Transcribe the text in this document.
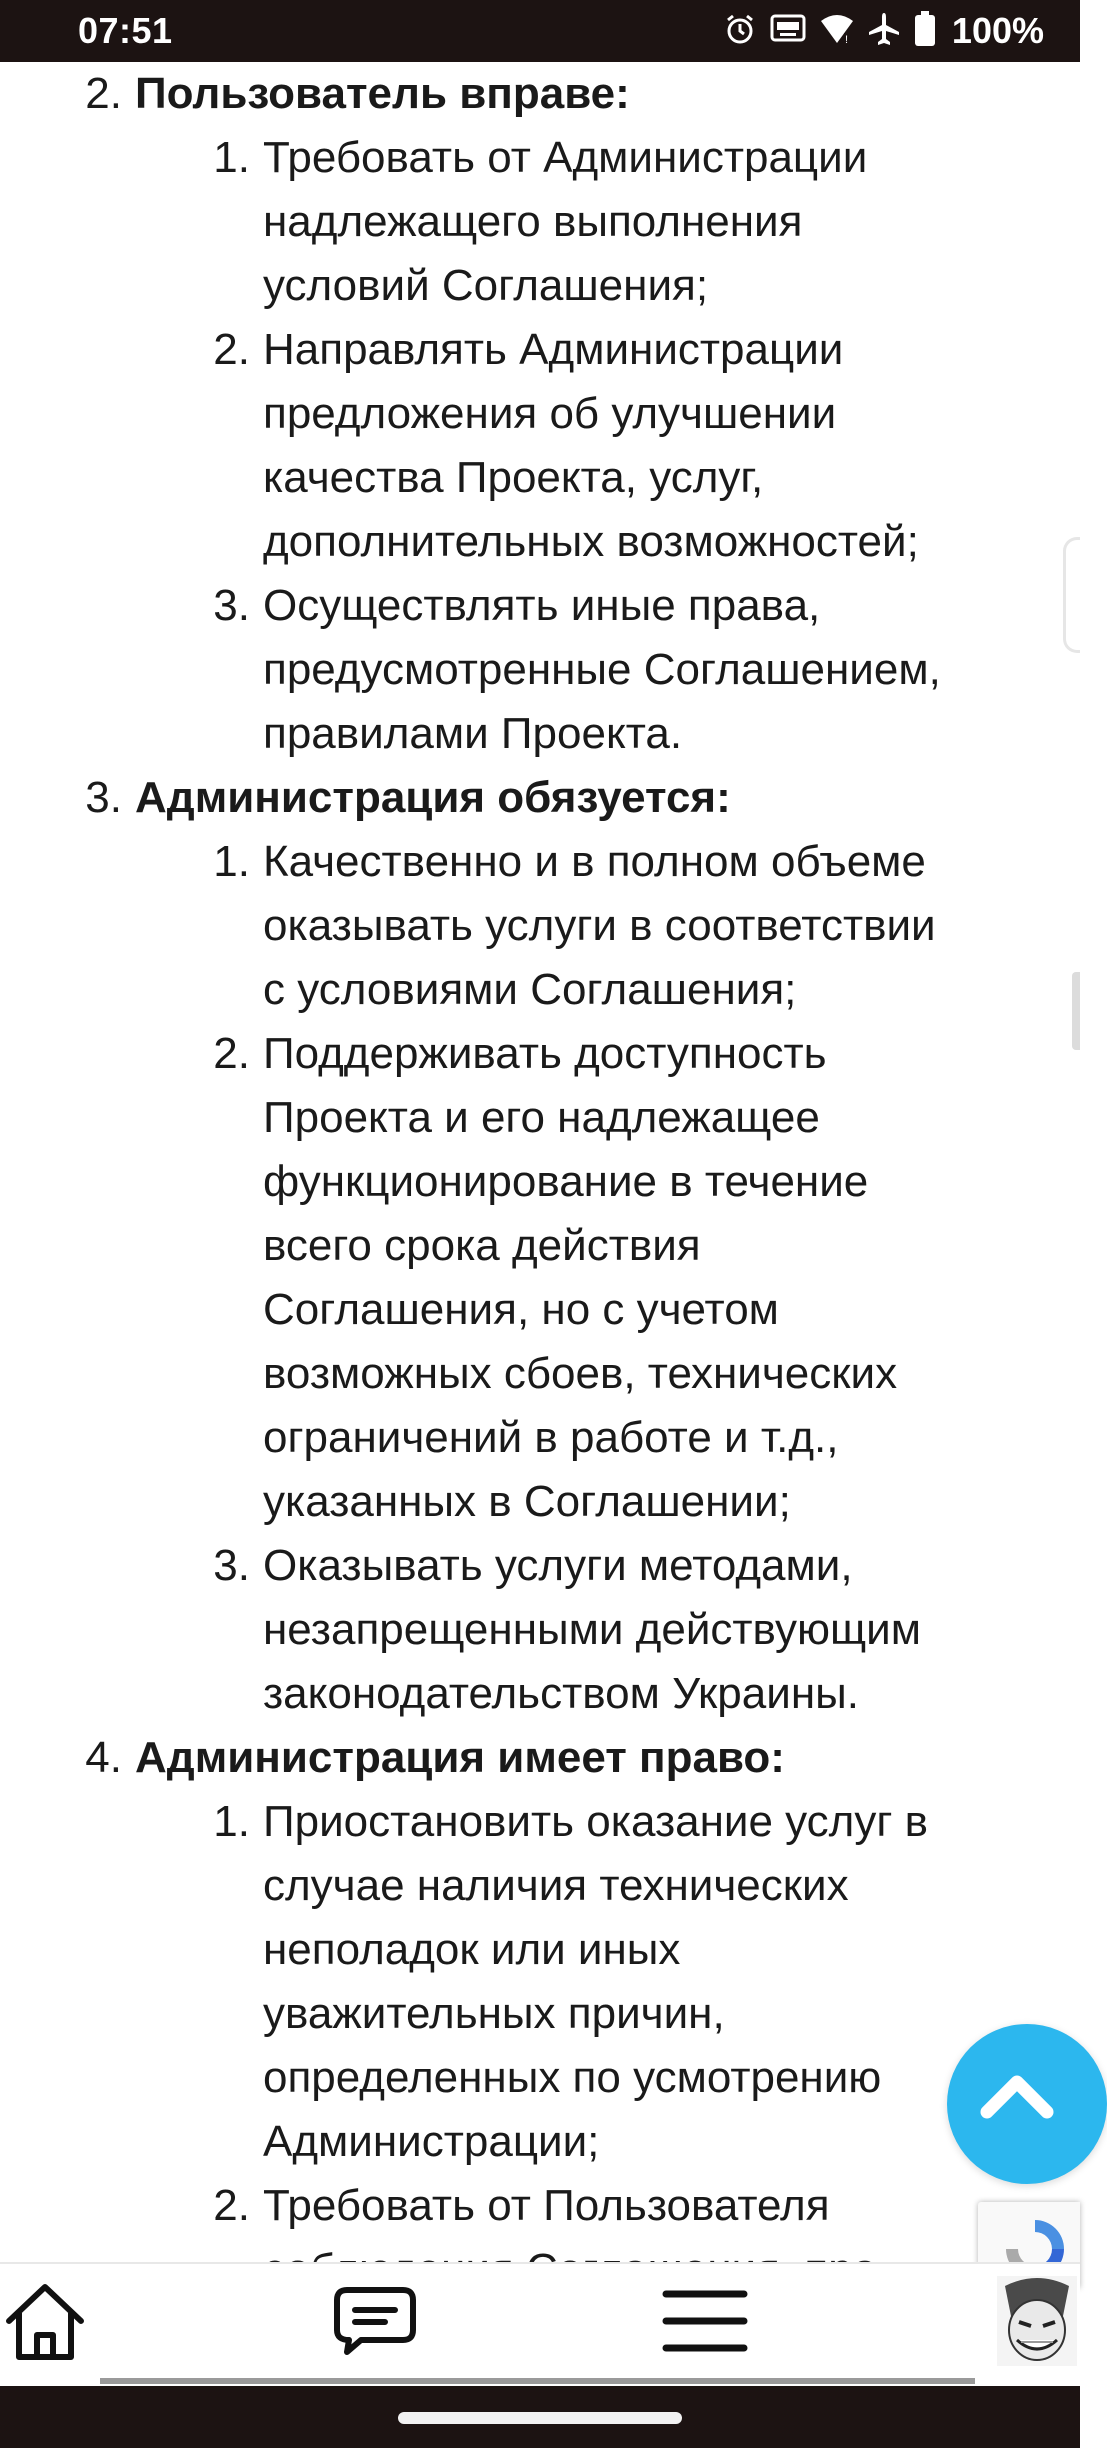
07:51	!	100%
2. Пользователь вправе:
1. Требовать от Администрации
надлежащего выполнения
условий Соглашения;
2. Направлять Администрации
предложения об улучшении
качества Проекта, услуг,
дополнительных возможностей;
3. Осуществлять иные права,
предусмотренные Соглашением,
правилами Проекта.
3. Администрация обязуется:
1. Качественно и в полном объеме
оказывать услуги в соответствии
с условиями Соглашения;
2. Поддерживать доступность
Проекта и его надлежащее
функционирование в течение
всего срока действия
Соглашения, но с учетом
возможных сбоев, технических
ограничений в работе и т.д.,
указанных в Соглашении;
3. Оказывать услуги методами,
незапрещенными действующим
законодательством Украины.
4. Администрация имеет право:
1. Приостановить оказание услуг в
случае наличия технических
неполадок или иных
уважительных причин,
определенных по усмотрению
Администрации;
2. Требовать от Пользователя
